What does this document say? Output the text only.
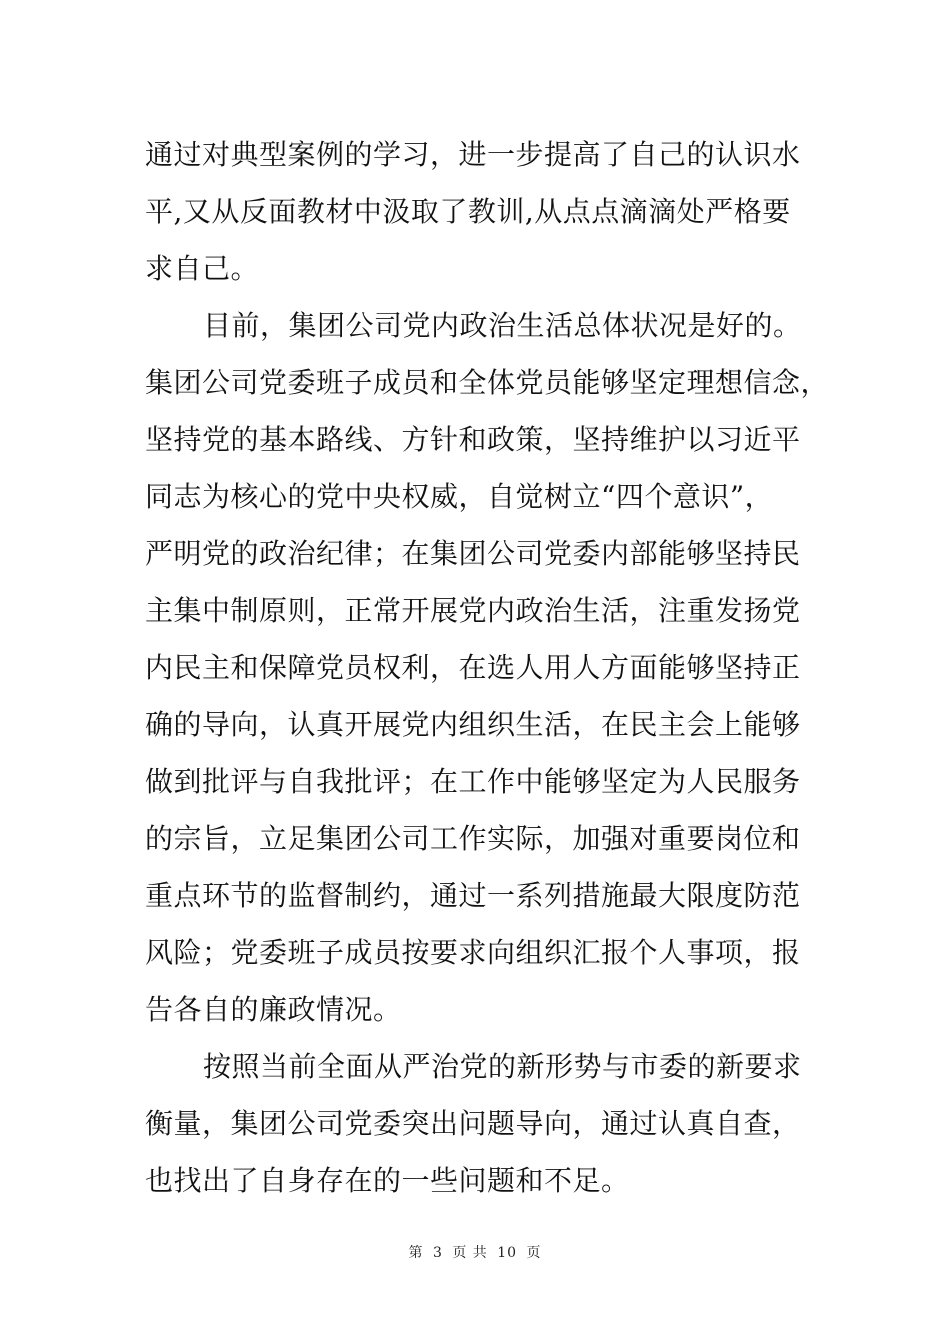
通过对典型案例的学习，进一步提高了自己的认识水
平,又从反面教材中汲取了教训,从点点滴滴处严格要
求自己。
目前，集团公司党内政治生活总体状况是好的。
集团公司党委班子成员和全体党员能够坚定理想信念，
坚持党的基本路线、方针和政策，坚持维护以习近平
同志为核心的党中央权威，自觉树立“四个意识”，
严明党的政治纪律；在集团公司党委内部能够坚持民
主集中制原则，正常开展党内政治生活，注重发扬党
内民主和保障党员权利，在选人用人方面能够坚持正
确的导向，认真开展党内组织生活，在民主会上能够
做到批评与自我批评；在工作中能够坚定为人民服务
的宗旨，立足集团公司工作实际，加强对重要岗位和
重点环节的监督制约，通过一系列措施最大限度防范
风险；党委班子成员按要求向组织汇报个人事项，报
告各自的廉政情况。
按照当前全面从严治党的新形势与市委的新要求
衡量，集团公司党委突出问题导向，通过认真自查，
也找出了自身存在的一些问题和不足。
第 3 页 共 10 页
